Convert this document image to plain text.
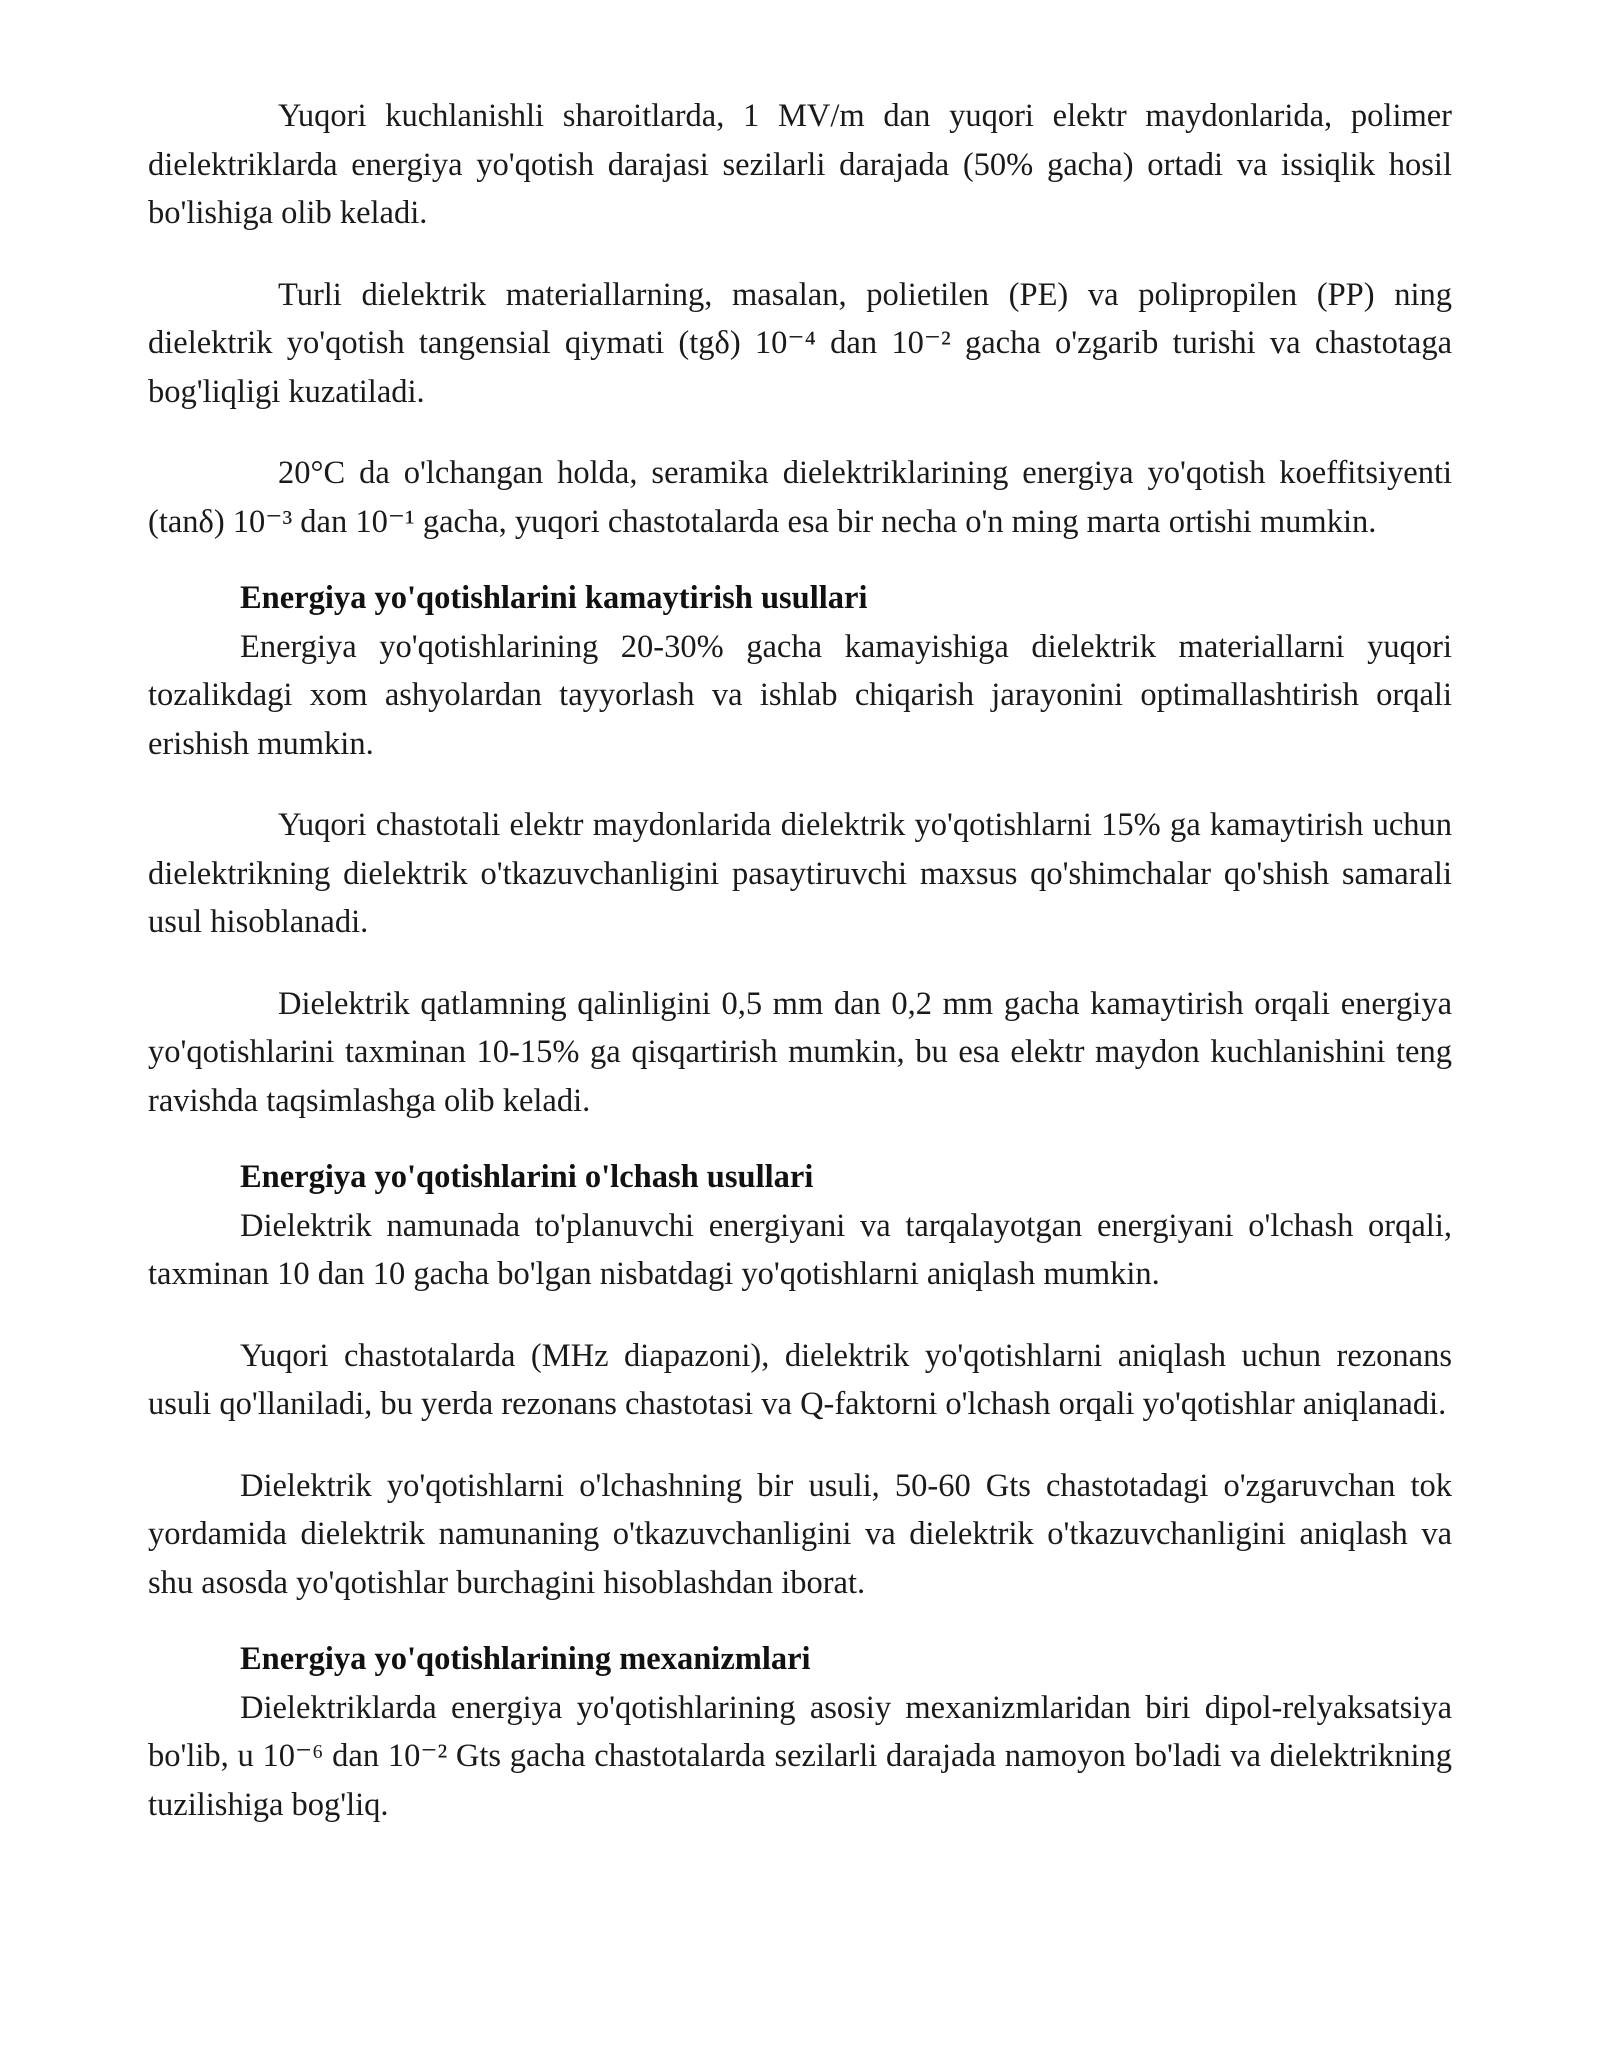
Yuqori kuchlanishli sharoitlarda, 1 MV/m dan yuqori elektr maydonlarida, polimer dielektriklarda energiya yo'qotish darajasi sezilarli darajada (50% gacha) ortadi va issiqlik hosil bo'lishiga olib keladi.

Turli dielektrik materiallarning, masalan, polietilen (PE) va polipropilen (PP) ning dielektrik yo'qotish tangensial qiymati (tgδ) 10⁻⁴ dan 10⁻² gacha o'zgarib turishi va chastotaga bog'liqligi kuzatiladi.

20°C da o'lchangan holda, seramika dielektriklarining energiya yo'qotish koeffitsiyenti (tanδ) 10⁻³ dan 10⁻¹ gacha, yuqori chastotalarda esa bir necha o'n ming marta ortishi mumkin.

Energiya yo'qotishlarini kamaytirish usullari

Energiya yo'qotishlarining 20-30% gacha kamayishiga dielektrik materiallarni yuqori tozalikdagi xom ashyolardan tayyorlash va ishlab chiqarish jarayonini optimallashtirish orqali erishish mumkin.

Yuqori chastotali elektr maydonlarida dielektrik yo'qotishlarni 15% ga kamaytirish uchun dielektrikning dielektrik o'tkazuvchanligini pasaytiruvchi maxsus qo'shimchalar qo'shish samarali usul hisoblanadi.

Dielektrik qatlamning qalinligini 0,5 mm dan 0,2 mm gacha kamaytirish orqali energiya yo'qotishlarini taxminan 10-15% ga qisqartirish mumkin, bu esa elektr maydon kuchlanishini teng ravishda taqsimlashga olib keladi.

Energiya yo'qotishlarini o'lchash usullari

Dielektrik namunada to'planuvchi energiyani va tarqalayotgan energiyani o'lchash orqali, taxminan 10 dan 10 gacha bo'lgan nisbatdagi yo'qotishlarni aniqlash mumkin.

Yuqori chastotalarda (MHz diapazoni), dielektrik yo'qotishlarni aniqlash uchun rezonans usuli qo'llaniladi, bu yerda rezonans chastotasi va Q-faktorni o'lchash orqali yo'qotishlar aniqlanadi.

Dielektrik yo'qotishlarni o'lchashning bir usuli, 50-60 Gts chastotadagi o'zgaruvchan tok yordamida dielektrik namunaning o'tkazuvchanligini va dielektrik o'tkazuvchanligini aniqlash va shu asosda yo'qotishlar burchagini hisoblashdan iborat.

Energiya yo'qotishlarining mexanizmlari

Dielektriklarda energiya yo'qotishlarining asosiy mexanizmlaridan biri dipol-relyaksatsiya bo'lib, u 10⁻⁶ dan 10⁻² Gts gacha chastotalarda sezilarli darajada namoyon bo'ladi va dielektrikning tuzilishiga bog'liq.
